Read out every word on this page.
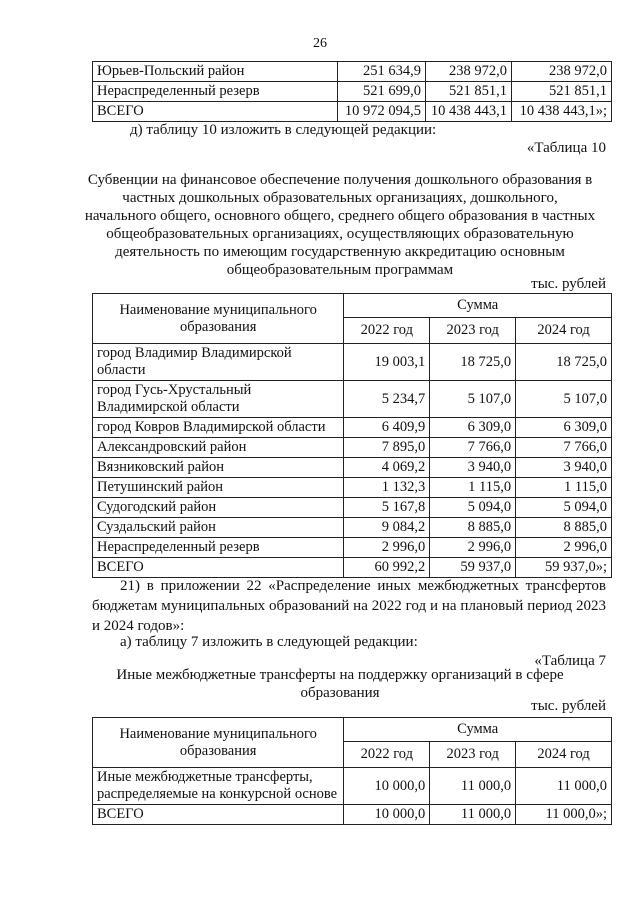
26
Юрьев-Польский район	251 634,9	238 972,0	238 972,0
Нераспределенный резерв	521 699,0	521 851,1	521 851,1
ВСЕГО	10 972 094,5	10 438 443,1	10 438 443,1»;
д) таблицу 10 изложить в следующей редакции:
«Таблица 10
Субвенции на финансовое обеспечение получения дошкольного образования в
частных дошкольных образовательных организациях, дошкольного,
начального общего, основного общего, среднего общего образования в частных
общеобразовательных организациях, осуществляющих образовательную
деятельность по имеющим государственную аккредитацию основным
общеобразовательным программам
тыс. рублей
Наименование муниципального образования	Сумма		
	2022 год	2023 год	2024 год
город Владимир Владимирской области	19 003,1	18 725,0	18 725,0
город Гусь-Хрустальный Владимирской области	5 234,7	5 107,0	5 107,0
город Ковров Владимирской области	6 409,9	6 309,0	6 309,0
Александровский район	7 895,0	7 766,0	7 766,0
Вязниковский район	4 069,2	3 940,0	3 940,0
Петушинский район	1 132,3	1 115,0	1 115,0
Судогодский район	5 167,8	5 094,0	5 094,0
Суздальский район	9 084,2	8 885,0	8 885,0
Нераспределенный резерв	2 996,0	2 996,0	2 996,0
ВСЕГО	60 992,2	59 937,0	59 937,0»;
21) в приложении 22 «Распределение иных межбюджетных трансфертов бюджетам муниципальных образований на 2022 год и на плановый период 2023 и 2024 годов»:
а) таблицу 7 изложить в следующей редакции:
«Таблица 7
Иные межбюджетные трансферты на поддержку организаций в сфере
образования
тыс. рублей
Наименование муниципального образования	Сумма		
	2022 год	2023 год	2024 год
Иные межбюджетные трансферты, распределяемые на конкурсной основе	10 000,0	11 000,0	11 000,0
ВСЕГО	10 000,0	11 000,0	11 000,0»;
